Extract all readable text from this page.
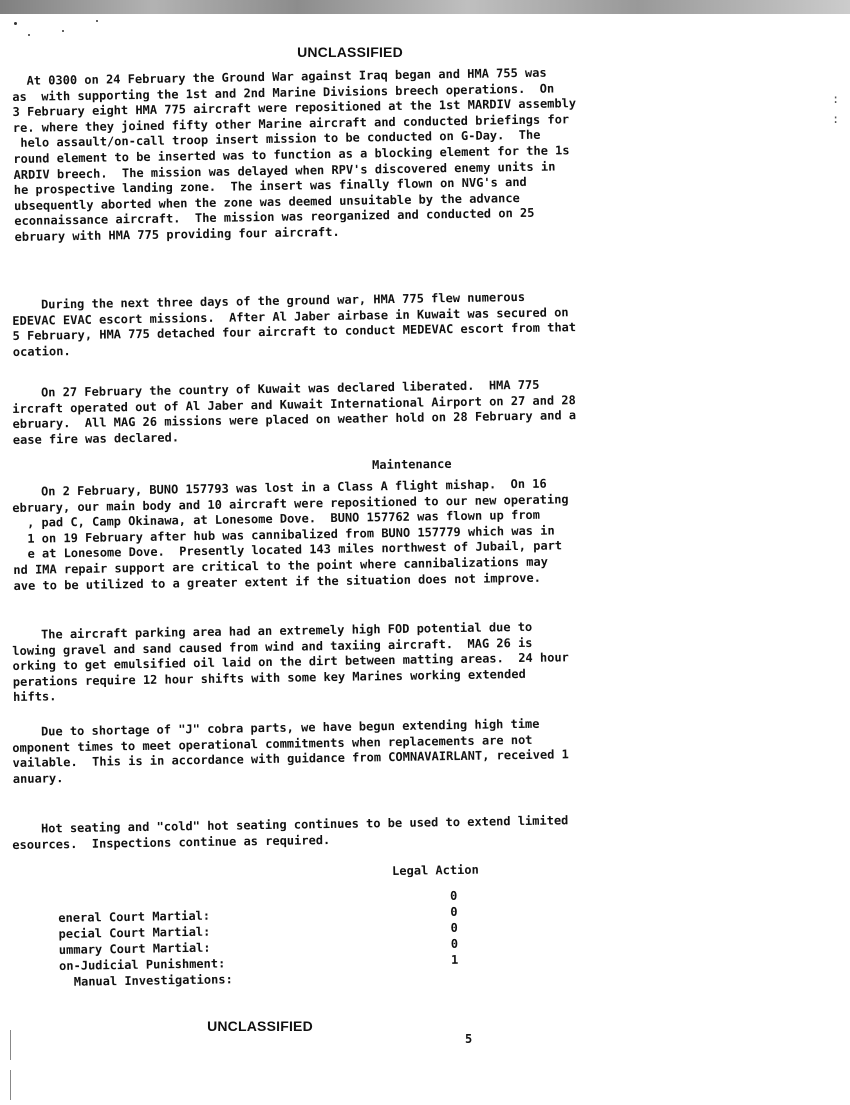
UNCLASSIFIED
At 0300 on 24 February the Ground War against Iraq began and HMA 755 was
as  with supporting the 1st and 2nd Marine Divisions breech operations.  On
3 February eight HMA 775 aircraft were repositioned at the 1st MARDIV assembly
re. where they joined fifty other Marine aircraft and conducted briefings for
helo assault/on-call troop insert mission to be conducted on G-Day.  The
round element to be inserted was to function as a blocking element for the 1s
ARDIV breech.  The mission was delayed when RPV's discovered enemy units in
he prospective landing zone.  The insert was finally flown on NVG's and
ubsequently aborted when the zone was deemed unsuitable by the advance
econnaissance aircraft.  The mission was reorganized and conducted on 25
ebruary with HMA 775 providing four aircraft.
During the next three days of the ground war, HMA 775 flew numerous
EDEVAC EVAC escort missions.  After Al Jaber airbase in Kuwait was secured on
5 February, HMA 775 detached four aircraft to conduct MEDEVAC escort from that
ocation.
On 27 February the country of Kuwait was declared liberated.  HMA 775
ircraft operated out of Al Jaber and Kuwait International Airport on 27 and 28
ebruary.  All MAG 26 missions were placed on weather hold on 28 February and a
ease fire was declared.
Maintenance
On 2 February, BUNO 157793 was lost in a Class A flight mishap.  On 16
ebruary, our main body and 10 aircraft were repositioned to our new operating
, pad C, Camp Okinawa, at Lonesome Dove.  BUNO 157762 was flown up from
1 on 19 February after hub was cannibalized from BUNO 157779 which was in
e at Lonesome Dove.  Presently located 143 miles northwest of Jubail, part
nd IMA repair support are critical to the point where cannibalizations may
ave to be utilized to a greater extent if the situation does not improve.
The aircraft parking area had an extremely high FOD potential due to
lowing gravel and sand caused from wind and taxiing aircraft.  MAG 26 is
orking to get emulsified oil laid on the dirt between matting areas.  24 hour
perations require 12 hour shifts with some key Marines working extended
hifts.
Due to shortage of "J" cobra parts, we have begun extending high time
omponent times to meet operational commitments when replacements are not
vailable.  This is in accordance with guidance from COMNAVAIRLANT, received 1
anuary.
Hot seating and "cold" hot seating continues to be used to extend limited
esources.  Inspections continue as required.
Legal Action
0
eneral Court Martial:	0
pecial Court Martial:	0
ummary Court Martial:	0
on-Judicial Punishment:	1
Manual Investigations:
UNCLASSIFIED
5
:
:
